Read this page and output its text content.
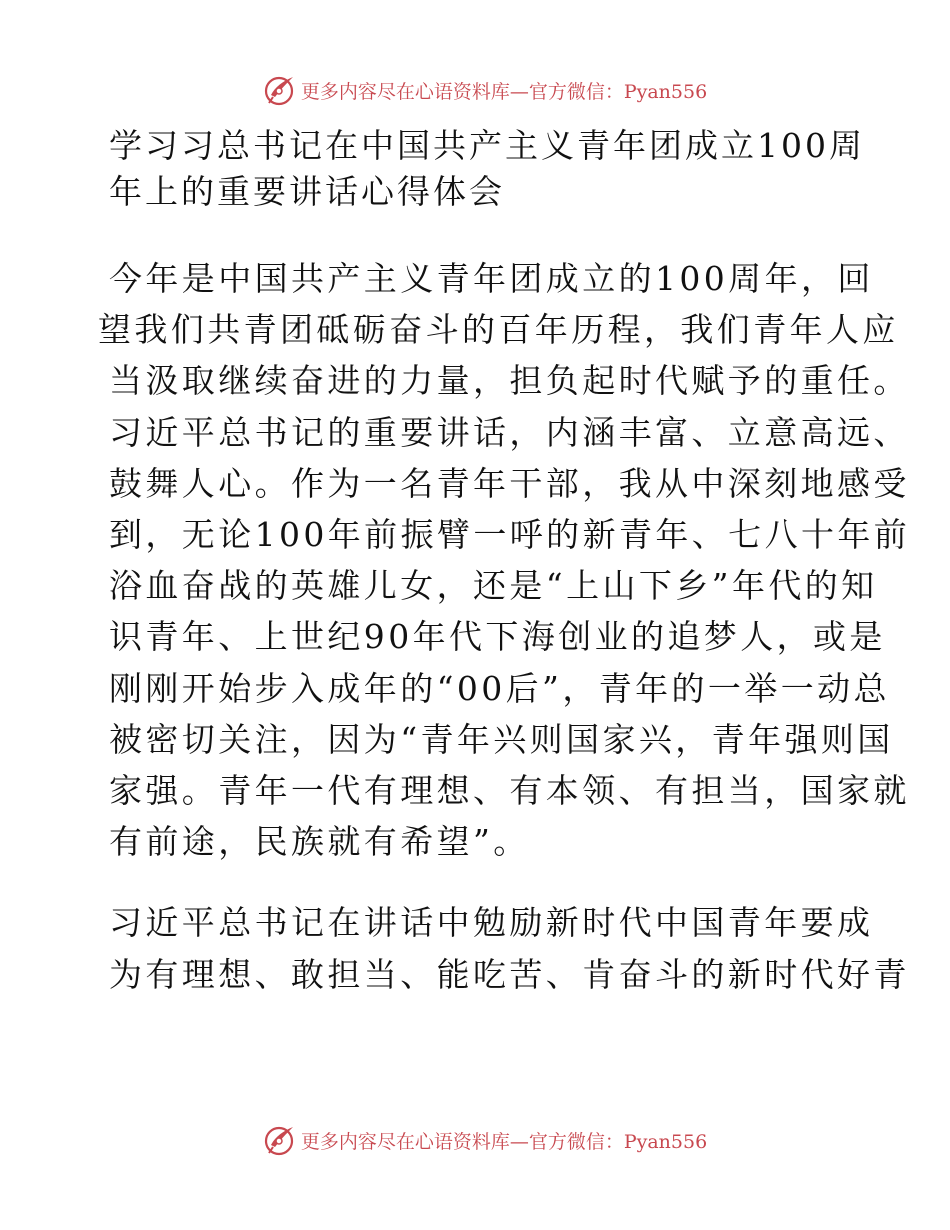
更多内容尽在心语资料库—官方微信：Pyan556
学习习总书记在中国共产主义青年团成立100周
年上的重要讲话心得体会
今年是中国共产主义青年团成立的100周年，回
望我们共青团砥砺奋斗的百年历程，我们青年人应
当汲取继续奋进的力量，担负起时代赋予的重任。
习近平总书记的重要讲话，内涵丰富、立意高远、
鼓舞人心。作为一名青年干部，我从中深刻地感受
到，无论100年前振臂一呼的新青年、七八十年前
浴血奋战的英雄儿女，还是“上山下乡”年代的知
识青年、上世纪90年代下海创业的追梦人，或是
刚刚开始步入成年的“00后”，青年的一举一动总
被密切关注，因为“青年兴则国家兴，青年强则国
家强。青年一代有理想、有本领、有担当，国家就
有前途，民族就有希望”。
习近平总书记在讲话中勉励新时代中国青年要成
为有理想、敢担当、能吃苦、肯奋斗的新时代好青
更多内容尽在心语资料库—官方微信：Pyan556
